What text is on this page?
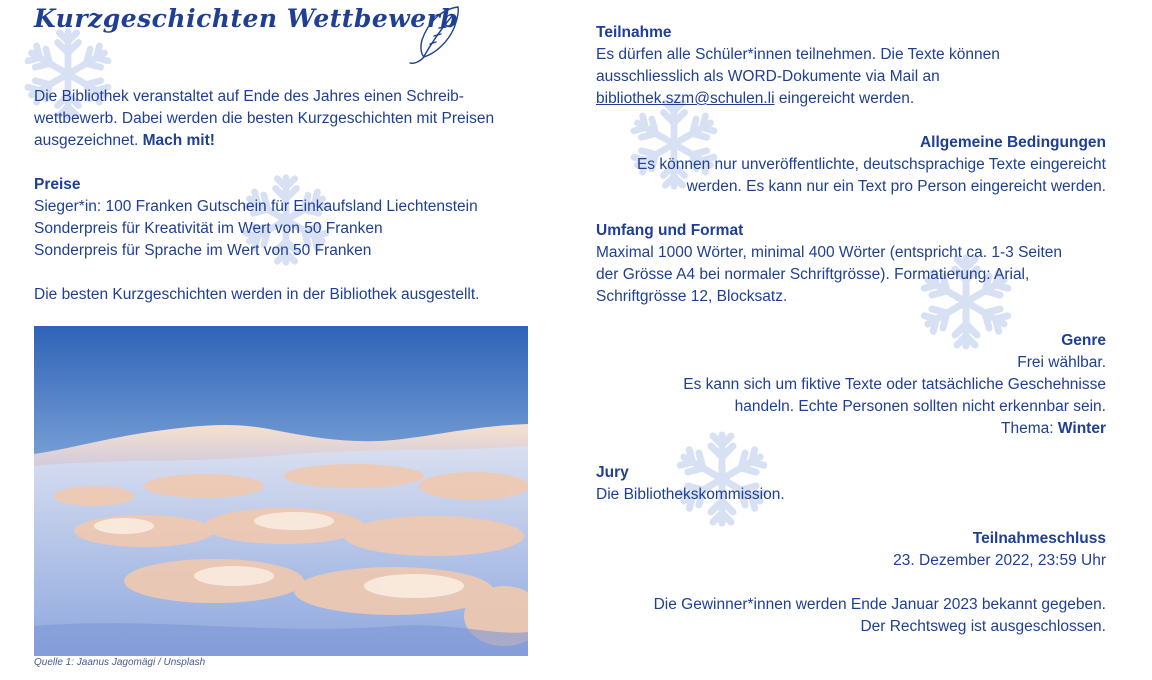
Kurzgeschichten Wettbewerb
Die Bibliothek veranstaltet auf Ende des Jahres einen Schreib-
wettbewerb. Dabei werden die besten Kurzgeschichten mit Preisen
ausgezeichnet. Mach mit!
Preise
Sieger*in: 100 Franken Gutschein für Einkaufsland Liechtenstein
Sonderpreis für Kreativität im Wert von 50 Franken
Sonderpreis für Sprache im Wert von 50 Franken
Die besten Kurzgeschichten werden in der Bibliothek ausgestellt.
Quelle 1: Jaanus Jagomägi / Unsplash
Teilnahme
Es dürfen alle Schüler*innen teilnehmen. Die Texte können
ausschliesslich als WORD-Dokumente via Mail an
bibliothek.szm@schulen.li eingereicht werden.
Allgemeine Bedingungen
Es können nur unveröffentlichte, deutschsprachige Texte eingereicht
werden. Es kann nur ein Text pro Person eingereicht werden.
Umfang und Format
Maximal 1000 Wörter, minimal 400 Wörter (entspricht ca. 1-3 Seiten
der Grösse A4 bei normaler Schriftgrösse). Formatierung: Arial,
Schriftgrösse 12, Blocksatz.
Genre
Frei wählbar.
Es kann sich um fiktive Texte oder tatsächliche Geschehnisse
handeln. Echte Personen sollten nicht erkennbar sein.
Thema: Winter
Jury
Die Bibliothekskommission.
Teilnahmeschluss
23. Dezember 2022, 23:59 Uhr
Die Gewinner*innen werden Ende Januar 2023 bekannt gegeben.
Der Rechtsweg ist ausgeschlossen.
